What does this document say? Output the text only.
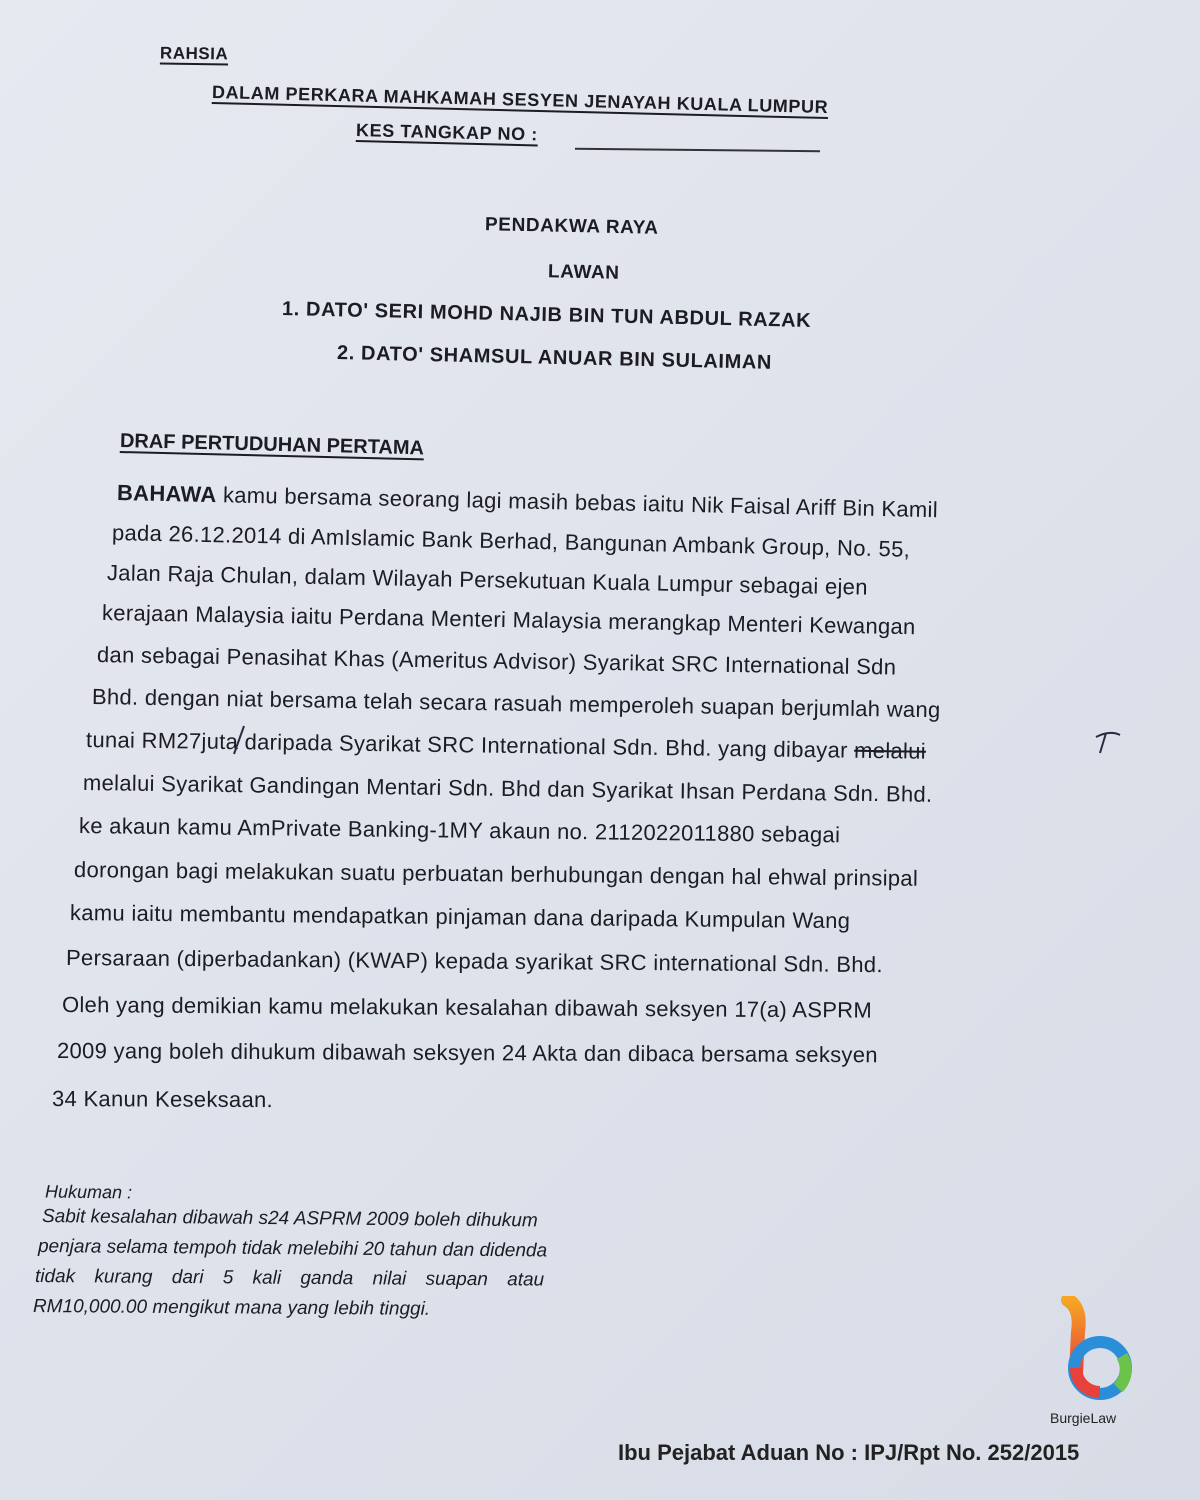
RAHSIA
DALAM PERKARA MAHKAMAH SESYEN JENAYAH KUALA LUMPUR
KES TANGKAP NO :
PENDAKWA RAYA
LAWAN
1. DATO' SERI MOHD NAJIB BIN TUN ABDUL RAZAK
2. DATO' SHAMSUL ANUAR BIN SULAIMAN
DRAF PERTUDUHAN PERTAMA
BAHAWA kamu bersama seorang lagi masih bebas iaitu Nik Faisal Ariff Bin Kamil
pada 26.12.2014 di AmIslamic Bank Berhad, Bangunan Ambank Group, No. 55,
Jalan Raja Chulan, dalam Wilayah Persekutuan Kuala Lumpur sebagai ejen
kerajaan Malaysia iaitu Perdana Menteri Malaysia merangkap Menteri Kewangan
dan sebagai Penasihat Khas (Ameritus Advisor) Syarikat SRC International Sdn
Bhd. dengan niat bersama telah secara rasuah memperoleh suapan berjumlah wang
tunai RM27juta daripada Syarikat SRC International Sdn. Bhd. yang dibayar melalui
melalui Syarikat Gandingan Mentari Sdn. Bhd dan Syarikat Ihsan Perdana Sdn. Bhd.
ke akaun kamu AmPrivate Banking-1MY akaun no. 2112022011880 sebagai
dorongan bagi melakukan suatu perbuatan berhubungan dengan hal ehwal prinsipal
kamu iaitu membantu mendapatkan pinjaman dana daripada Kumpulan Wang
Persaraan (diperbadankan) (KWAP) kepada syarikat SRC international Sdn. Bhd.
Oleh yang demikian kamu melakukan kesalahan dibawah seksyen 17(a) ASPRM
2009 yang boleh dihukum dibawah seksyen 24 Akta dan dibaca bersama seksyen
34 Kanun Keseksaan.
Hukuman :
Sabit kesalahan dibawah s24 ASPRM 2009 boleh dihukum
penjara selama tempoh tidak melebihi 20 tahun dan didenda
tidak kurang dari 5 kali ganda nilai suapan atau
RM10,000.00 mengikut mana yang lebih tinggi.
Ibu Pejabat Aduan No : IPJ/Rpt No. 252/2015
BurgieLaw
